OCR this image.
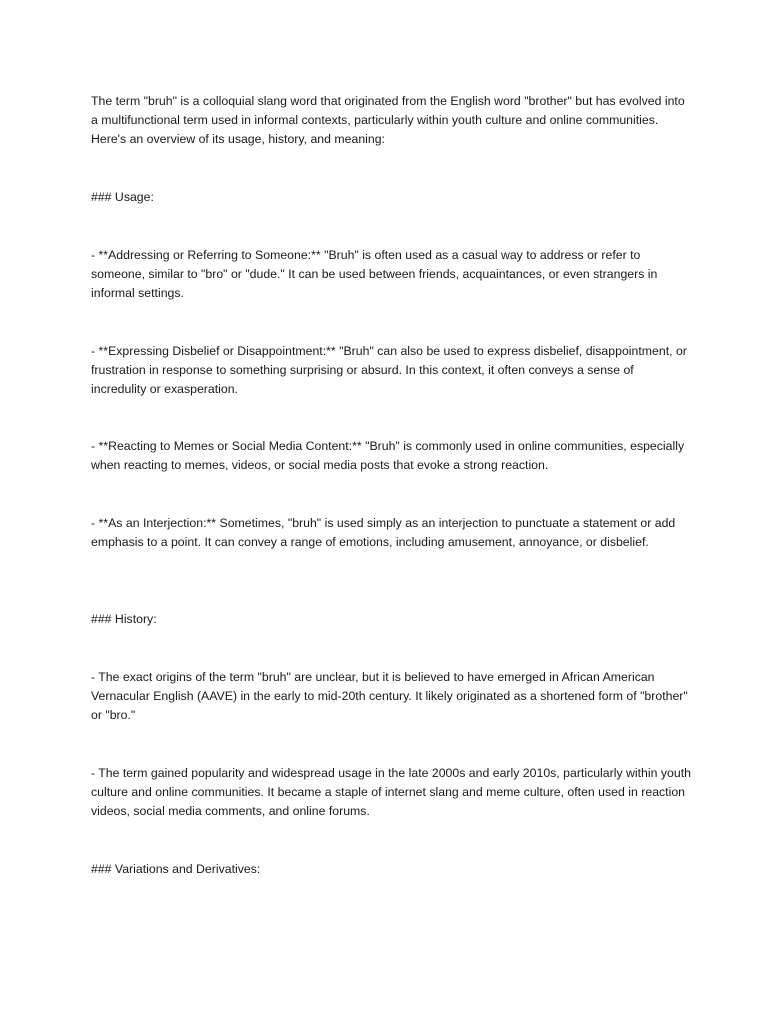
The term "bruh" is a colloquial slang word that originated from the English word "brother" but has evolved into a multifunctional term used in informal contexts, particularly within youth culture and online communities. Here's an overview of its usage, history, and meaning:

### Usage:

- **Addressing or Referring to Someone:** "Bruh" is often used as a casual way to address or refer to someone, similar to "bro" or "dude." It can be used between friends, acquaintances, or even strangers in informal settings.

- **Expressing Disbelief or Disappointment:** "Bruh" can also be used to express disbelief, disappointment, or frustration in response to something surprising or absurd. In this context, it often conveys a sense of incredulity or exasperation.

- **Reacting to Memes or Social Media Content:** "Bruh" is commonly used in online communities, especially when reacting to memes, videos, or social media posts that evoke a strong reaction.

- **As an Interjection:** Sometimes, "bruh" is used simply as an interjection to punctuate a statement or add emphasis to a point. It can convey a range of emotions, including amusement, annoyance, or disbelief.

### History:

- The exact origins of the term "bruh" are unclear, but it is believed to have emerged in African American Vernacular English (AAVE) in the early to mid-20th century. It likely originated as a shortened form of "brother" or "bro."

- The term gained popularity and widespread usage in the late 2000s and early 2010s, particularly within youth culture and online communities. It became a staple of internet slang and meme culture, often used in reaction videos, social media comments, and online forums.

### Variations and Derivatives:
